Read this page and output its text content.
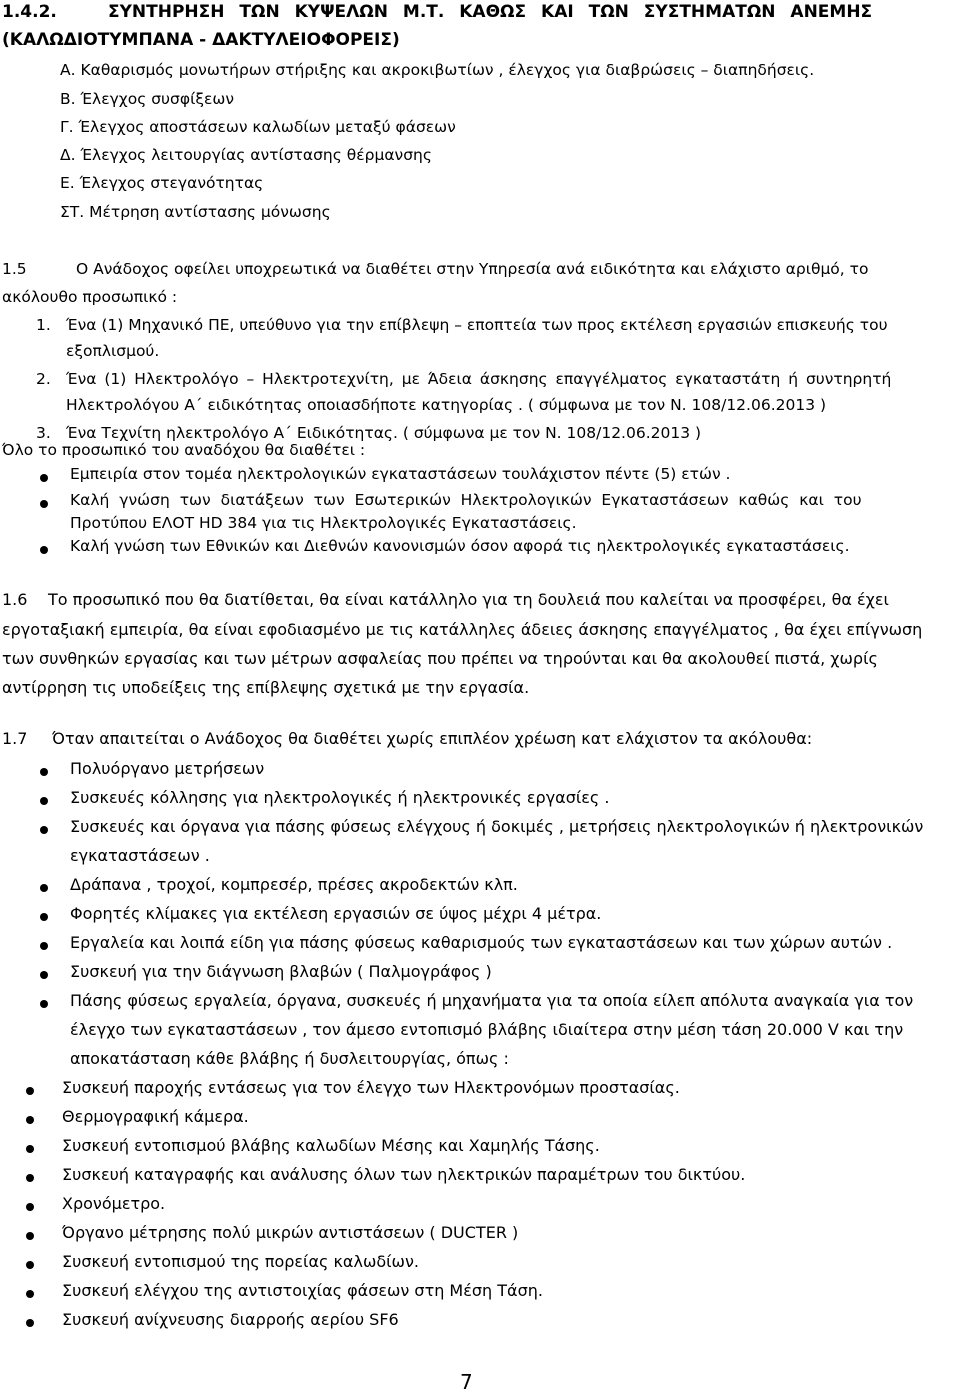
1.4.2.	ΣΥΝΤΗΡΗΣΗ ΤΩΝ ΚΥΨΕΛΩΝ Μ.Τ. ΚΑΘΩΣ ΚΑΙ ΤΩΝ ΣΥΣΤΗΜΑΤΩΝ ΑΝΕΜΗΣ
(ΚΑΛΩΔΙΟΤΥΜΠΑΝΑ - ΔΑΚΤΥΛΕΙΟΦΟΡΕΙΣ)
Α. Καθαρισμός μονωτήρων στήριξης και ακροκιβωτίων , έλεγχος για διαβρώσεις – διαπηδήσεις.
Β. Έλεγχος συσφίξεων
Γ. Έλεγχος αποστάσεων καλωδίων μεταξύ φάσεων
Δ. Έλεγχος λειτουργίας αντίστασης θέρμανσης
Ε. Έλεγχος στεγανότητας
ΣΤ. Μέτρηση αντίστασης μόνωσης
1.5	Ο Ανάδοχος οφείλει υποχρεωτικά να διαθέτει στην Υπηρεσία ανά ειδικότητα και ελάχιστο αριθμό, το
ακόλουθο προσωπικό :
1. Ένα (1) Μηχανικό ΠΕ, υπεύθυνο για την επίβλεψη – εποπτεία των προς εκτέλεση εργασιών επισκευής του
εξοπλισμού.
2. Ένα (1) Ηλεκτρολόγο – Ηλεκτροτεχνίτη, με Άδεια άσκησης επαγγέλματος εγκαταστάτη ή συντηρητή
Ηλεκτρολόγου Α΄ ειδικότητας οποιασδήποτε κατηγορίας . ( σύμφωνα με τον Ν. 108/12.06.2013 )
3. Ένα Τεχνίτη ηλεκτρολόγο Α΄ Ειδικότητας. ( σύμφωνα με τον Ν. 108/12.06.2013 )
Όλο το προσωπικό του αναδόχου θα διαθέτει :
Εμπειρία στον τομέα ηλεκτρολογικών εγκαταστάσεων τουλάχιστον πέντε (5) ετών .
Καλή γνώση των διατάξεων των Εσωτερικών Ηλεκτρολογικών Εγκαταστάσεων καθώς και του
Προτύπου ΕΛΟΤ HD 384 για τις Ηλεκτρολογικές Εγκαταστάσεις.
Καλή γνώση των Εθνικών και Διεθνών κανονισμών όσον αφορά τις ηλεκτρολογικές εγκαταστάσεις.
1.6 Το προσωπικό που θα διατίθεται, θα είναι κατάλληλο για τη δουλειά που καλείται να προσφέρει, θα έχει
εργοταξιακή εμπειρία, θα είναι εφοδιασμένο με τις κατάλληλες άδειες άσκησης επαγγέλματος , θα έχει επίγνωση
των συνθηκών εργασίας και των μέτρων ασφαλείας που πρέπει να τηρούνται και θα ακολουθεί πιστά, χωρίς
αντίρρηση τις υποδείξεις της επίβλεψης σχετικά με την εργασία.
1.7 Όταν απαιτείται ο Ανάδοχος θα διαθέτει χωρίς επιπλέον χρέωση κατ ελάχιστον τα ακόλουθα:
Πολυόργανο μετρήσεων
Συσκευές κόλλησης για ηλεκτρολογικές ή ηλεκτρονικές εργασίες .
Συσκευές και όργανα για πάσης φύσεως ελέγχους ή δοκιμές , μετρήσεις ηλεκτρολογικών ή ηλεκτρονικών
εγκαταστάσεων .
Δράπανα , τροχοί, κομπρεσέρ, πρέσες ακροδεκτών κλπ.
Φορητές κλίμακες για εκτέλεση εργασιών σε ύψος μέχρι 4 μέτρα.
Εργαλεία και λοιπά είδη για πάσης φύσεως καθαρισμούς των εγκαταστάσεων και των χώρων αυτών .
Συσκευή για την διάγνωση βλαβών ( Παλμογράφος )
Πάσης φύσεως εργαλεία, όργανα, συσκευές ή μηχανήματα για τα οποία είλεπ απόλυτα αναγκαία για τον
έλεγχο των εγκαταστάσεων , τον άμεσο εντοπισμό βλάβης ιδιαίτερα στην μέση τάση 20.000 V και την
αποκατάσταση κάθε βλάβης ή δυσλειτουργίας, όπως :
Συσκευή παροχής εντάσεως για τον έλεγχο των Ηλεκτρονόμων προστασίας.
Θερμογραφική κάμερα.
Συσκευή εντοπισμού βλάβης καλωδίων Μέσης και Χαμηλής Τάσης.
Συσκευή καταγραφής και ανάλυσης όλων των ηλεκτρικών παραμέτρων του δικτύου.
Χρονόμετρο.
Όργανο μέτρησης πολύ μικρών αντιστάσεων ( DUCTER )
Συσκευή εντοπισμού της πορείας καλωδίων.
Συσκευή ελέγχου της αντιστοιχίας φάσεων στη Μέση Τάση.
Συσκευή ανίχνευσης διαρροής αερίου SF6
7
